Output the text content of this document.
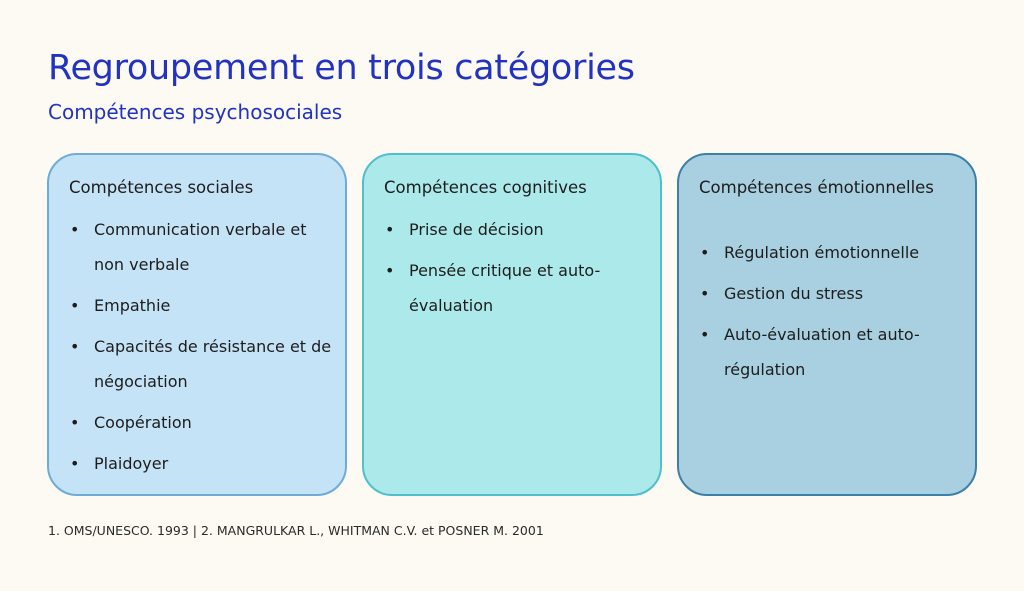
Regroupement en trois catégories
Compétences psychosociales
Compétences sociales
• Communication verbale et non verbale
• Empathie
• Capacités de résistance et de négociation
• Coopération
• Plaidoyer
Compétences cognitives
• Prise de décision
• Pensée critique et auto-évaluation
Compétences émotionnelles
• Régulation émotionnelle
• Gestion du stress
• Auto-évaluation et auto-régulation
1. OMS/UNESCO. 1993 | 2. MANGRULKAR L., WHITMAN C.V. et POSNER M. 2001
